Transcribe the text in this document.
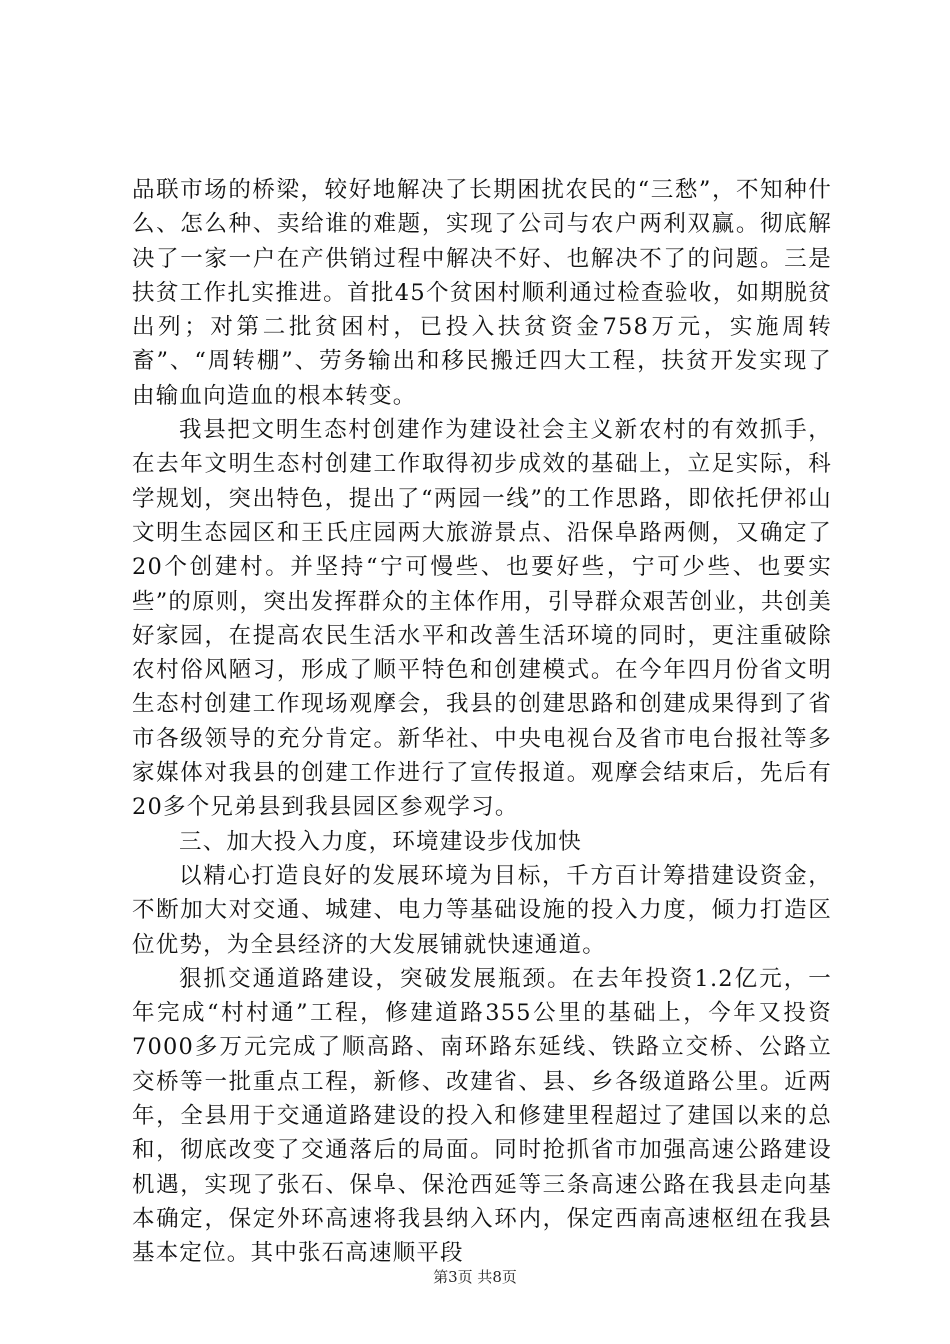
品联市场的桥梁，较好地解决了长期困扰农民的“三愁”，不知种什么、怎么种、卖给谁的难题，实现了公司与农户两利双赢。彻底解决了一家一户在产供销过程中解决不好、也解决不了的问题。三是扶贫工作扎实推进。首批45个贫困村顺利通过检查验收，如期脱贫出列；对第二批贫困村，已投入扶贫资金758万元，实施周转畜”、“周转棚”、劳务输出和移民搬迁四大工程，扶贫开发实现了由输血向造血的根本转变。

我县把文明生态村创建作为建设社会主义新农村的有效抓手，在去年文明生态村创建工作取得初步成效的基础上，立足实际，科学规划，突出特色，提出了“两园一线”的工作思路，即依托伊祁山文明生态园区和王氏庄园两大旅游景点、沿保阜路两侧，又确定了20个创建村。并坚持“宁可慢些、也要好些，宁可少些、也要实些”的原则，突出发挥群众的主体作用，引导群众艰苦创业，共创美好家园，在提高农民生活水平和改善生活环境的同时，更注重破除农村俗风陋习，形成了顺平特色和创建模式。在今年四月份省文明生态村创建工作现场观摩会，我县的创建思路和创建成果得到了省市各级领导的充分肯定。新华社、中央电视台及省市电台报社等多家媒体对我县的创建工作进行了宣传报道。观摩会结束后，先后有20多个兄弟县到我县园区参观学习。

三、加大投入力度，环境建设步伐加快

以精心打造良好的发展环境为目标，千方百计筹措建设资金，不断加大对交通、城建、电力等基础设施的投入力度，倾力打造区位优势，为全县经济的大发展铺就快速通道。

狠抓交通道路建设，突破发展瓶颈。在去年投资1.2亿元，一年完成“村村通”工程，修建道路355公里的基础上，今年又投资7000多万元完成了顺高路、南环路东延线、铁路立交桥、公路立交桥等一批重点工程，新修、改建省、县、乡各级道路公里。近两年，全县用于交通道路建设的投入和修建里程超过了建国以来的总和，彻底改变了交通落后的局面。同时抢抓省市加强高速公路建设机遇，实现了张石、保阜、保沧西延等三条高速公路在我县走向基本确定，保定外环高速将我县纳入环内，保定西南高速枢纽在我县基本定位。其中张石高速顺平段

第3页 共8页
